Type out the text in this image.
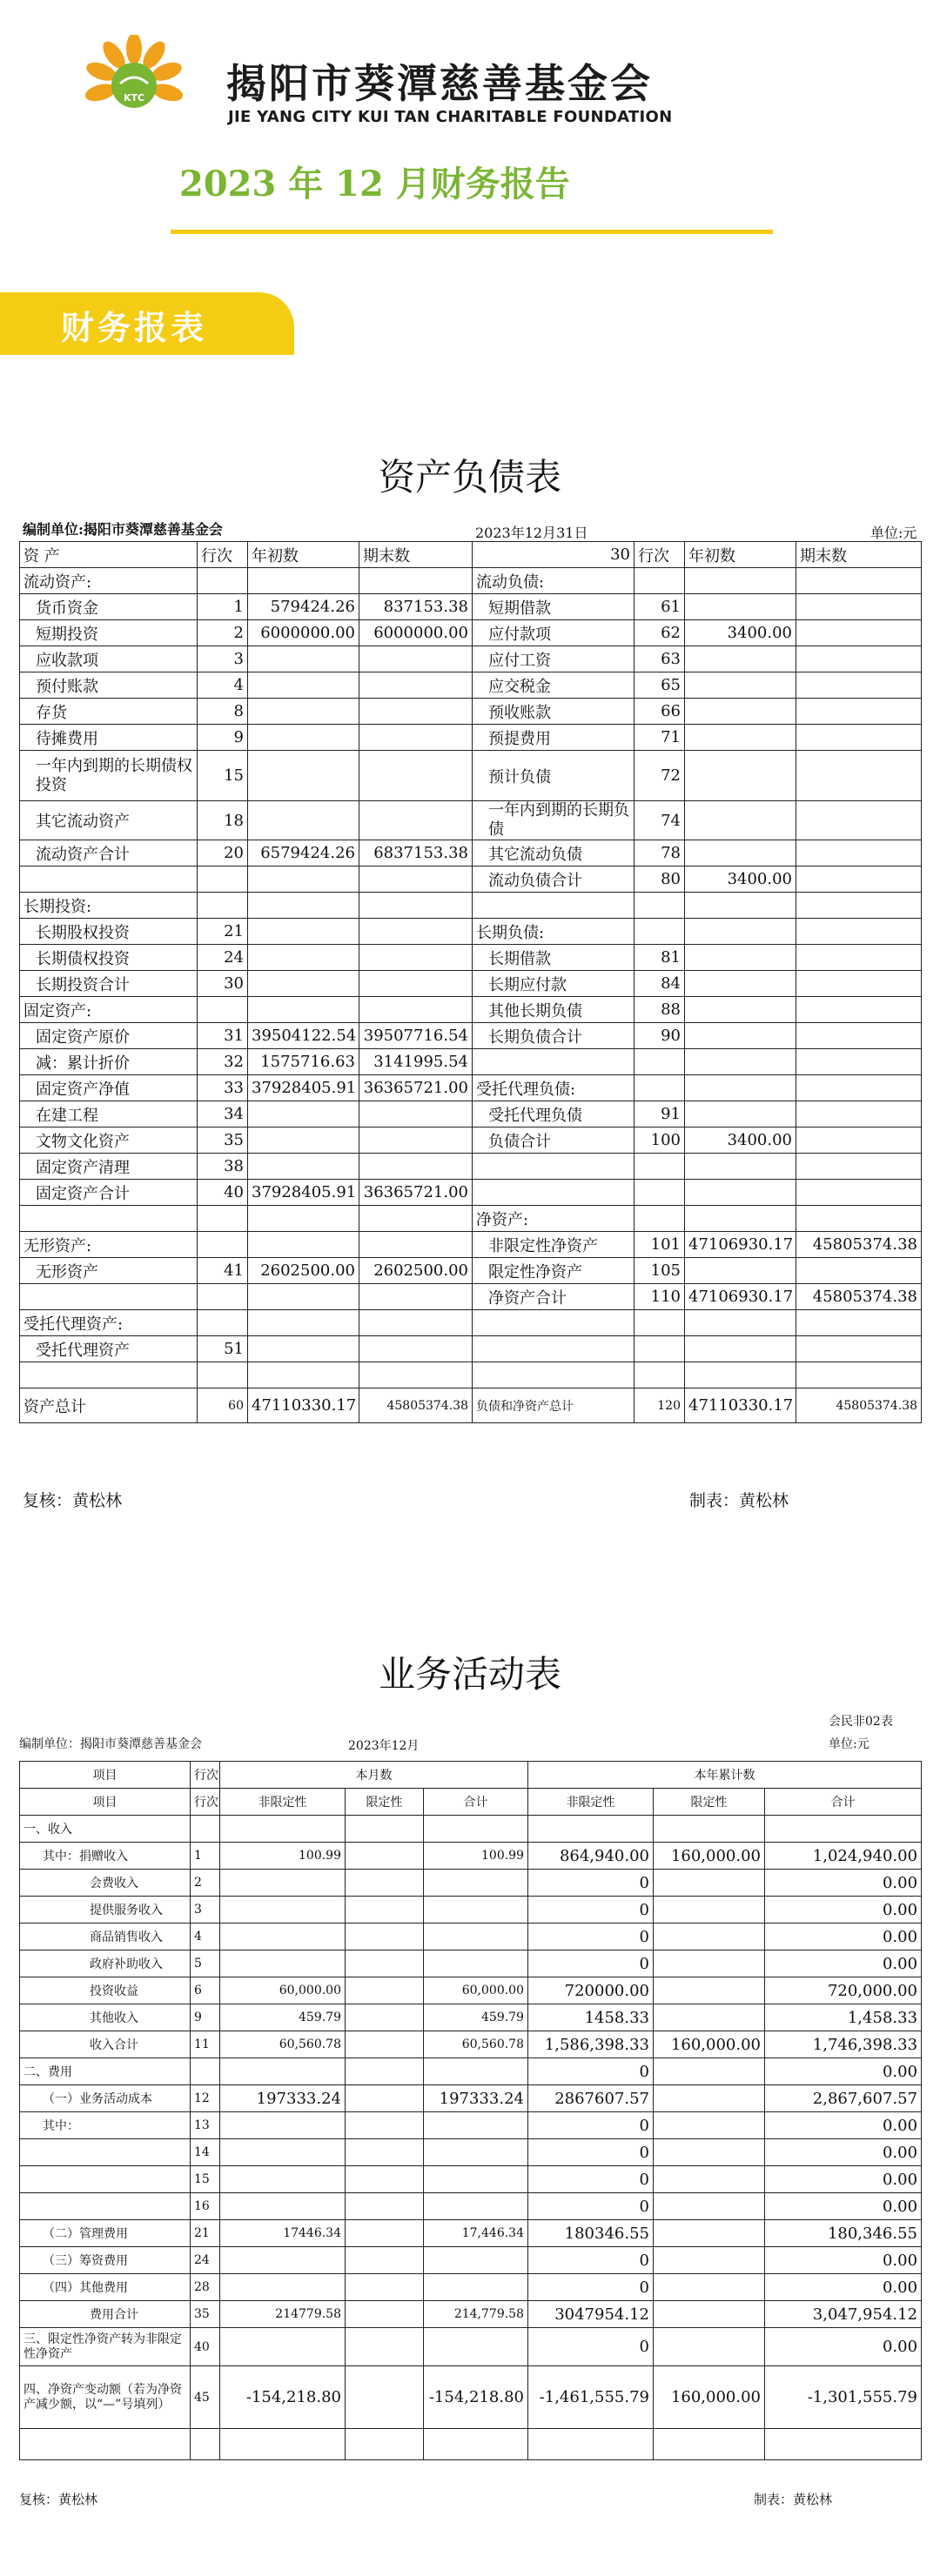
KTC 揭阳市葵潭慈善基金会
JIE YANG CITY KUI TAN CHARITABLE FOUNDATION
2023 年 12 月财务报告
财务报表
资产负债表
编制单位:揭阳市葵潭慈善基金会	2023年12月31日	单位:元
资 产	行次	年初数	期末数	30	行次	年初数	期末数
流动资产:				流动负债:			
货币资金	1	579424.26	837153.38	短期借款	61		
短期投资	2	6000000.00	6000000.00	应付款项	62	3400.00	
应收款项	3			应付工资	63		
预付账款	4			应交税金	65		
存货	8			预收账款	66		
待摊费用	9			预提费用	71		
一年内到期的长期债权投资	15			预计负债	72		
其它流动资产	18			一年内到期的长期负债	74		
流动资产合计	20	6579424.26	6837153.38	其它流动负债	78		
				流动负债合计	80	3400.00	
长期投资:							
长期股权投资	21			长期负债:			
长期债权投资	24			长期借款	81		
长期投资合计	30			长期应付款	84		
固定资产:				其他长期负债	88		
固定资产原价	31	39504122.54	39507716.54	长期负债合计	90		
减：累计折价	32	1575716.63	3141995.54				
固定资产净值	33	37928405.91	36365721.00	受托代理负债:			
在建工程	34			受托代理负债	91		
文物文化资产	35			负债合计	100	3400.00	
固定资产清理	38						
固定资产合计	40	37928405.91	36365721.00				
				净资产:			
无形资产:				非限定性净资产	101	47106930.17	45805374.38
无形资产	41	2602500.00	2602500.00	限定性净资产	105		
				净资产合计	110	47106930.17	45805374.38
受托代理资产:							
受托代理资产	51						

资产总计	60	47110330.17	45805374.38	负债和净资产总计	120	47110330.17	45805374.38
复核：黄松林	制表：黄松林
业务活动表
会民非02表
编制单位：揭阳市葵潭慈善基金会	2023年12月	单位:元
项目	行次	本月数			本年累计数		
项目	行次	非限定性	限定性	合计	非限定性	限定性	合计
一、收入							
其中：捐赠收入	1	100.99		100.99	864,940.00	160,000.00	1,024,940.00
会费收入	2				0		0.00
提供服务收入	3				0		0.00
商品销售收入	4				0		0.00
政府补助收入	5				0		0.00
投资收益	6	60,000.00		60,000.00	720000.00		720,000.00
其他收入	9	459.79		459.79	1458.33		1,458.33
收入合计	11	60,560.78		60,560.78	1,586,398.33	160,000.00	1,746,398.33
二、费用					0		0.00
（一）业务活动成本	12	197333.24		197333.24	2867607.57		2,867,607.57
其中：	13				0		0.00
	14				0		0.00
	15				0		0.00
	16				0		0.00
（二）管理费用	21	17446.34		17,446.34	180346.55		180,346.55
（三）筹资费用	24				0		0.00
（四）其他费用	28				0		0.00
费用合计	35	214779.58		214,779.58	3047954.12		3,047,954.12
三、限定性净资产转为非限定性净资产	40				0		0.00
四、净资产变动额（若为净资产减少额，以“—”号填列）	45	-154,218.80		-154,218.80	-1,461,555.79	160,000.00	-1,301,555.79

复核：黄松林	制表：黄松林
